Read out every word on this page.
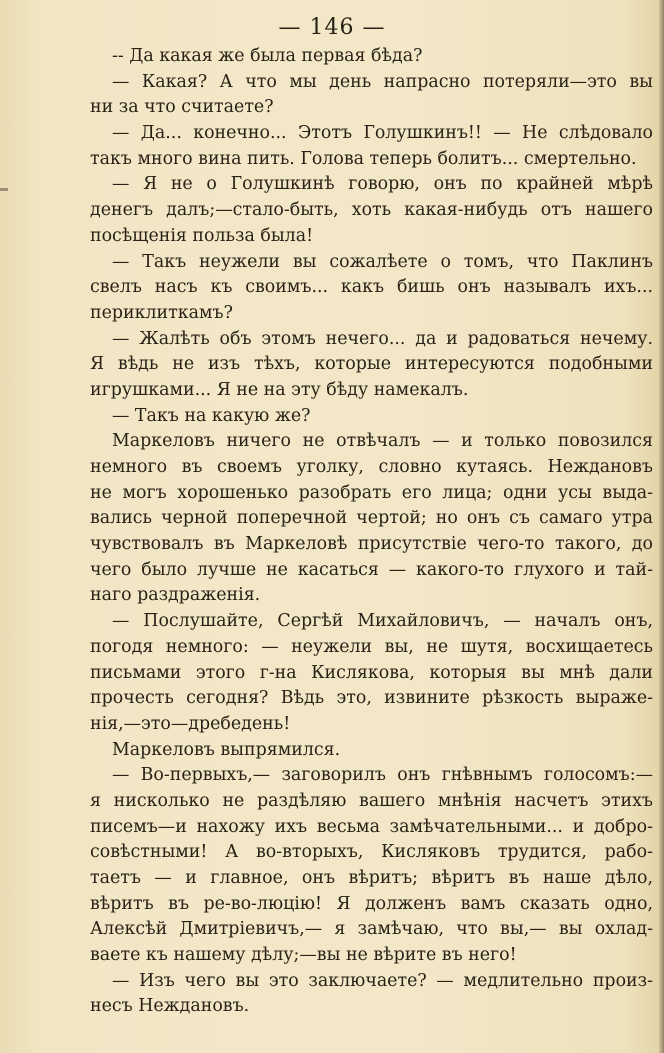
— 146 —
-- Да какая же была первая бѣда?
— Какая? А что мы день напрасно потеряли—это вы
ни за что считаете?
— Да... конечно... Этотъ Голушкинъ!! — Не слѣдовало
такъ много вина пить. Голова теперь болитъ... смертельно.
— Я не о Голушкинѣ говорю, онъ по крайней мѣрѣ
денегъ далъ;—стало-быть, хоть какая-нибудь отъ нашего
посѣщенія польза была!
— Такъ неужели вы сожалѣете о томъ, что Паклинъ
свелъ насъ къ своимъ... какъ бишь онъ называлъ ихъ...
периклиткамъ?
— Жалѣть объ этомъ нечего... да и радоваться нечему.
Я вѣдь не изъ тѣхъ, которые интересуются подобными
игрушками... Я не на эту бѣду намекалъ.
— Такъ на какую же?
Маркеловъ ничего не отвѣчалъ — и только повозился
немного въ своемъ уголку, словно кутаясь. Неждановъ
не могъ хорошенько разобрать его лица; одни усы выда-
вались черной поперечной чертой; но онъ съ самаго утра
чувствовалъ въ Маркеловѣ присутствіе чего-то такого, до
чего было лучше не касаться — какого-то глухого и тай-
наго раздраженія.
— Послушайте, Сергѣй Михайловичъ, — началъ онъ,
погодя немного: — неужели вы, не шутя, восхищаетесь
письмами этого г-на Кислякова, которыя вы мнѣ дали
прочесть сегодня? Вѣдь это, извините рѣзкость выраже-
нія,—это—дребедень!
Маркеловъ выпрямился.
— Во-первыхъ,— заговорилъ онъ гнѣвнымъ голосомъ:—
я нисколько не раздѣляю вашего мнѣнія насчетъ этихъ
писемъ—и нахожу ихъ весьма замѣчательными... и добро-
совѣстными! А во-вторыхъ, Кисляковъ трудится, рабо-
таетъ — и главное, онъ вѣритъ; вѣритъ въ наше дѣло,
вѣритъ въ ре-во-люцію! Я долженъ вамъ сказать одно,
Алексѣй Дмитріевичъ,— я замѣчаю, что вы,— вы охлад-
ваете къ нашему дѣлу;—вы не вѣрите въ него!
— Изъ чего вы это заключаете? — медлительно произ-
несъ Неждановъ.
